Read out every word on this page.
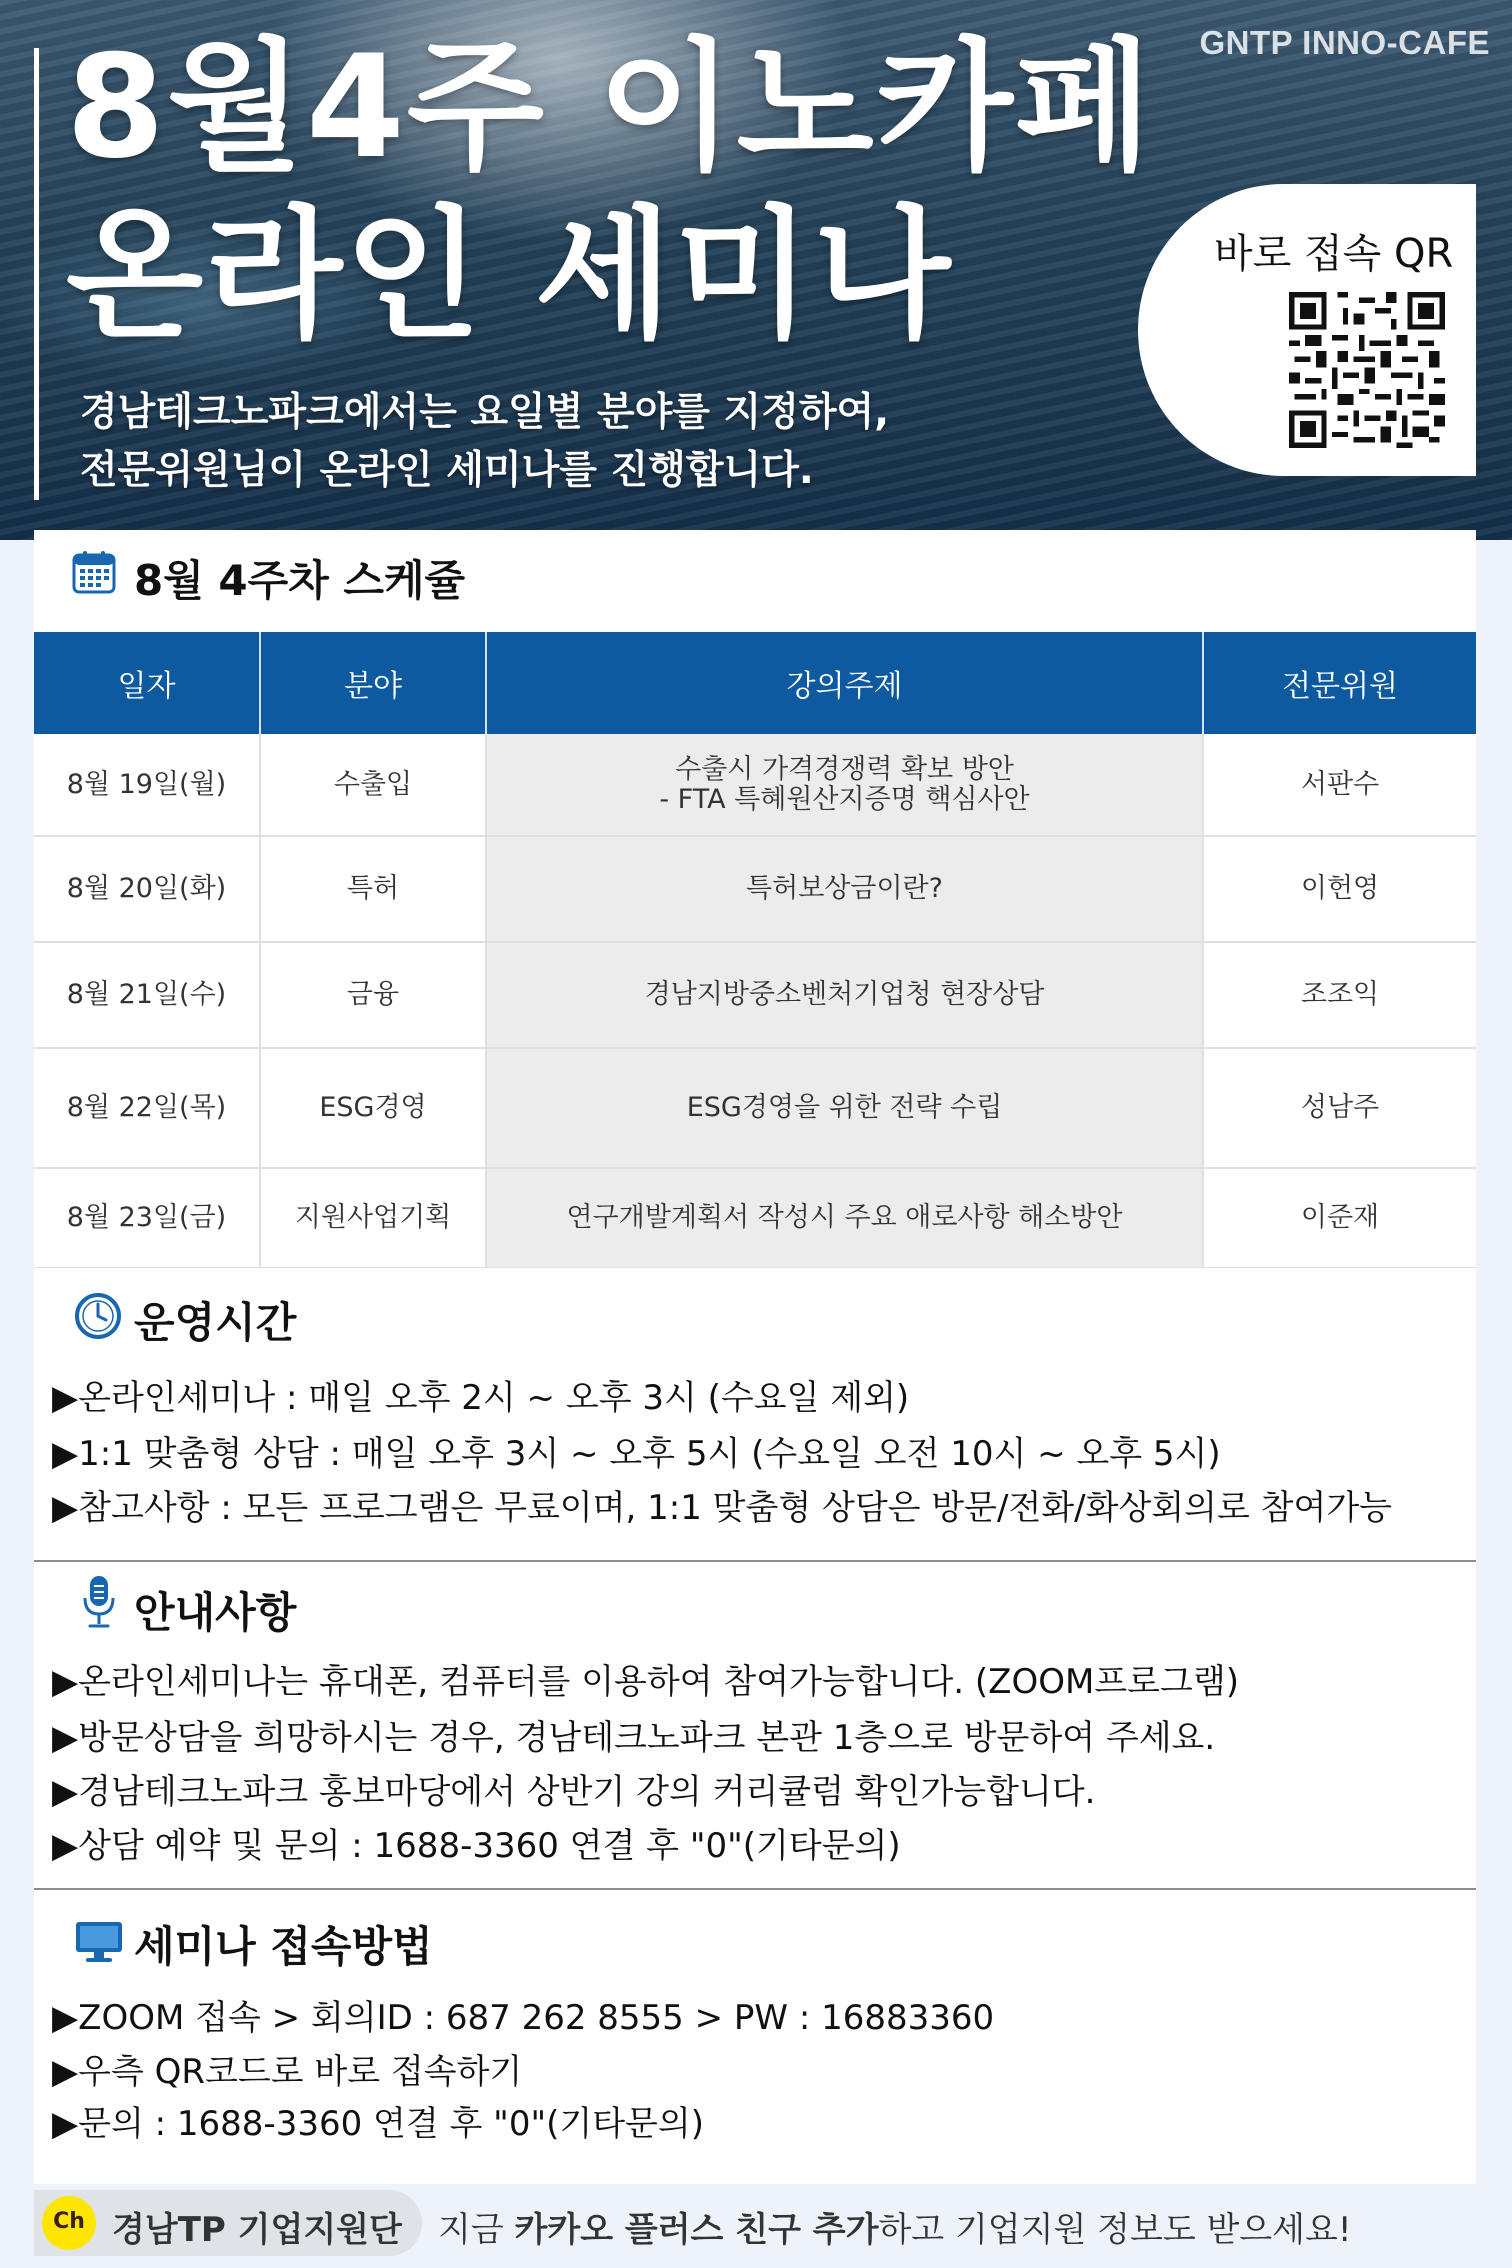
GNTP INNO-CAFE
8월4주 이노카페
온라인 세미나
경남테크노파크에서는 요일별 분야를 지정하여,
전문위원님이 온라인 세미나를 진행합니다.
바로 접속 QR
8월 4주차 스케쥴
일자	분야	강의주제	전문위원
8월 19일(월)	수출입	수출시 가격경쟁력 확보 방안
- FTA 특혜원산지증명 핵심사안	서판수
8월 20일(화)	특허	특허보상금이란?	이헌영
8월 21일(수)	금융	경남지방중소벤처기업청 현장상담	조조익
8월 22일(목)	ESG경영	ESG경영을 위한 전략 수립	성남주
8월 23일(금)	지원사업기획	연구개발계획서 작성시 주요 애로사항 해소방안	이준재
운영시간
▶온라인세미나 : 매일 오후 2시 ~ 오후 3시 (수요일 제외)
▶1:1 맞춤형 상담 : 매일 오후 3시 ~ 오후 5시 (수요일 오전 10시 ~ 오후 5시)
▶참고사항 : 모든 프로그램은 무료이며, 1:1 맞춤형 상담은 방문/전화/화상회의로 참여가능
안내사항
▶온라인세미나는 휴대폰, 컴퓨터를 이용하여 참여가능합니다. (ZOOM프로그램)
▶방문상담을 희망하시는 경우, 경남테크노파크 본관 1층으로 방문하여 주세요.
▶경남테크노파크 홍보마당에서 상반기 강의 커리큘럼 확인가능합니다.
▶상담 예약 및 문의 : 1688-3360 연결 후 "0"(기타문의)
세미나 접속방법
▶ZOOM 접속 > 회의ID : 687 262 8555 > PW : 16883360
▶우측 QR코드로 바로 접속하기
▶문의 : 1688-3360 연결 후 "0"(기타문의)
Ch 경남TP 기업지원단 지금 카카오 플러스 친구 추가하고 기업지원 정보도 받으세요!
